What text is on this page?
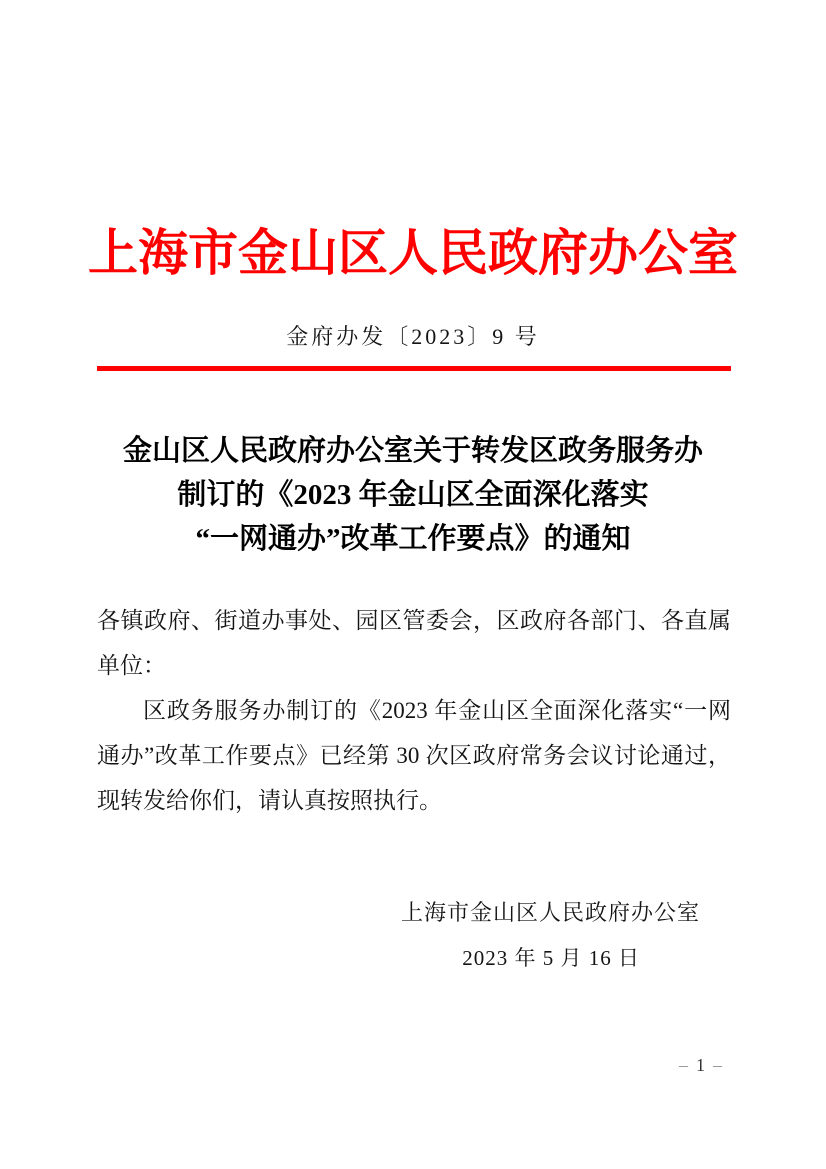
上海市金山区人民政府办公室
金府办发〔2023〕9 号
金山区人民政府办公室关于转发区政务服务办
制订的《2023 年金山区全面深化落实
“一网通办”改革工作要点》的通知

各镇政府、街道办事处、园区管委会，区政府各部门、各直属单位：

区政务服务办制订的《2023 年金山区全面深化落实“一网通办”改革工作要点》已经第 30 次区政府常务会议讨论通过，现转发给你们，请认真按照执行。

上海市金山区人民政府办公室
2023 年 5 月 16 日
– 1 –
